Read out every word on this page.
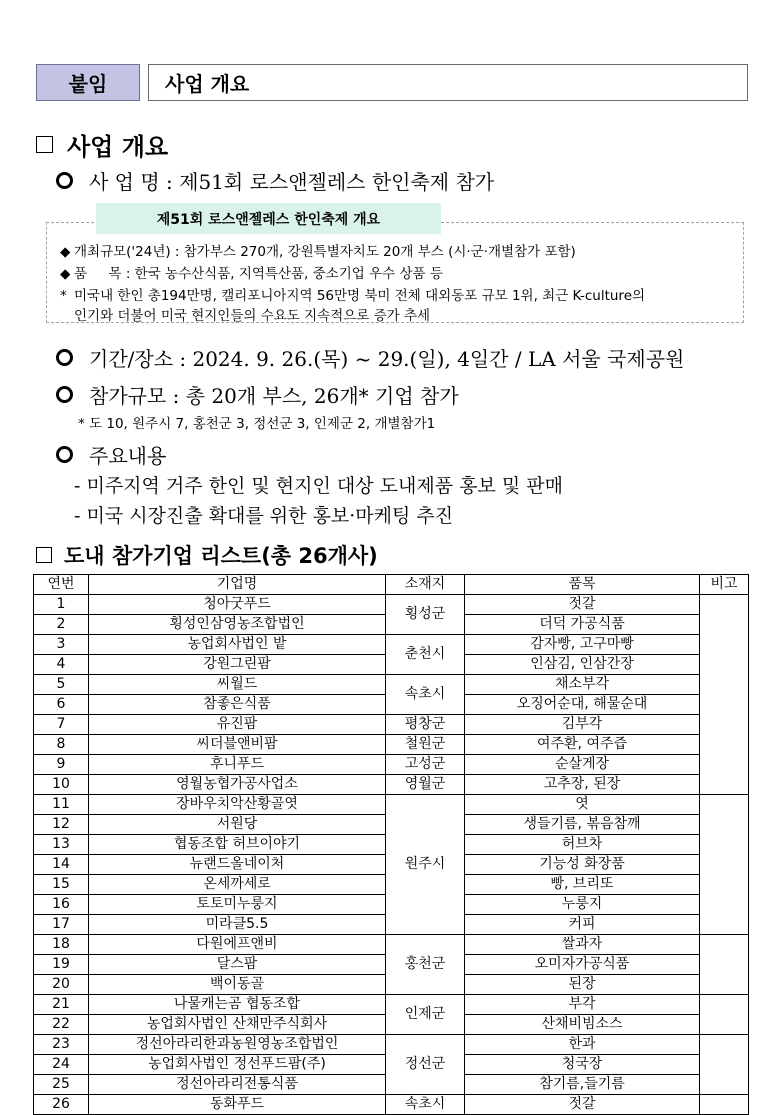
붙임	사업 개요
사업 개요
사 업 명 : 제51회 로스앤젤레스 한인축제 참가
제51회 로스앤젤레스 한인축제 개요
◆ 개최규모('24년) : 참가부스 270개, 강원특별자치도 20개 부스 (시·군·개별참가 포함)
◆ 품     목 : 한국 농수산식품, 지역특산품, 중소기업 우수 상품 등
* 미국내 한인 총194만명, 캘리포니아지역 56만명 북미 전체 대외동포 규모 1위, 최근 K-culture의
인기와 더불어 미국 현지인들의 수요도 지속적으로 증가 추세
기간/장소 : 2024. 9. 26.(목) ~ 29.(일), 4일간 / LA 서울 국제공원
참가규모 : 총 20개 부스, 26개* 기업 참가
* 도 10, 원주시 7, 홍천군 3, 정선군 3, 인제군 2, 개별참가1
주요내용
- 미주지역 거주 한인 및 현지인 대상 도내제품 홍보 및 판매
- 미국 시장진출 확대를 위한 홍보·마케팅 추진
도내 참가기업 리스트(총 26개사)
연번	기업명	소재지	품목	비고
1	청아굿푸드	횡성군	젓갈	
2	횡성인삼영농조합법인		더덕 가공식품	
3	농업회사법인 밭	춘천시	감자빵, 고구마빵	
4	강원그린팜		인삼김, 인삼간장	
5	씨월드	속초시	채소부각	
6	참좋은식품		오징어순대, 해물순대	
7	유진팜	평창군	김부각	
8	씨더블앤비팜	철원군	여주환, 여주즙	
9	후니푸드	고성군	순살게장	
10	영월농협가공사업소	영월군	고추장, 된장	
11	장바우치악산황골엿	원주시	엿	
12	서원당		생들기름, 볶음참깨	
13	협동조합 허브이야기		허브차	
14	뉴랜드올네이처		기능성 화장품	
15	온세까세로		빵, 브리또	
16	토토미누룽지		누룽지	
17	미라클5.5		커피	
18	다원에프앤비	홍천군	쌀과자	
19	달스팜		오미자가공식품	
20	백이동골		된장	
21	나물캐는곰 협동조합	인제군	부각	
22	농업회사법인 산채만주식회사		산채비빔소스	
23	정선아라리한과농원영농조합법인	정선군	한과	
24	농업회사법인 정선푸드팜(주)		청국장	
25	정선아라리전통식품		참기름,들기름	
26	동화푸드	속초시	젓갈	
